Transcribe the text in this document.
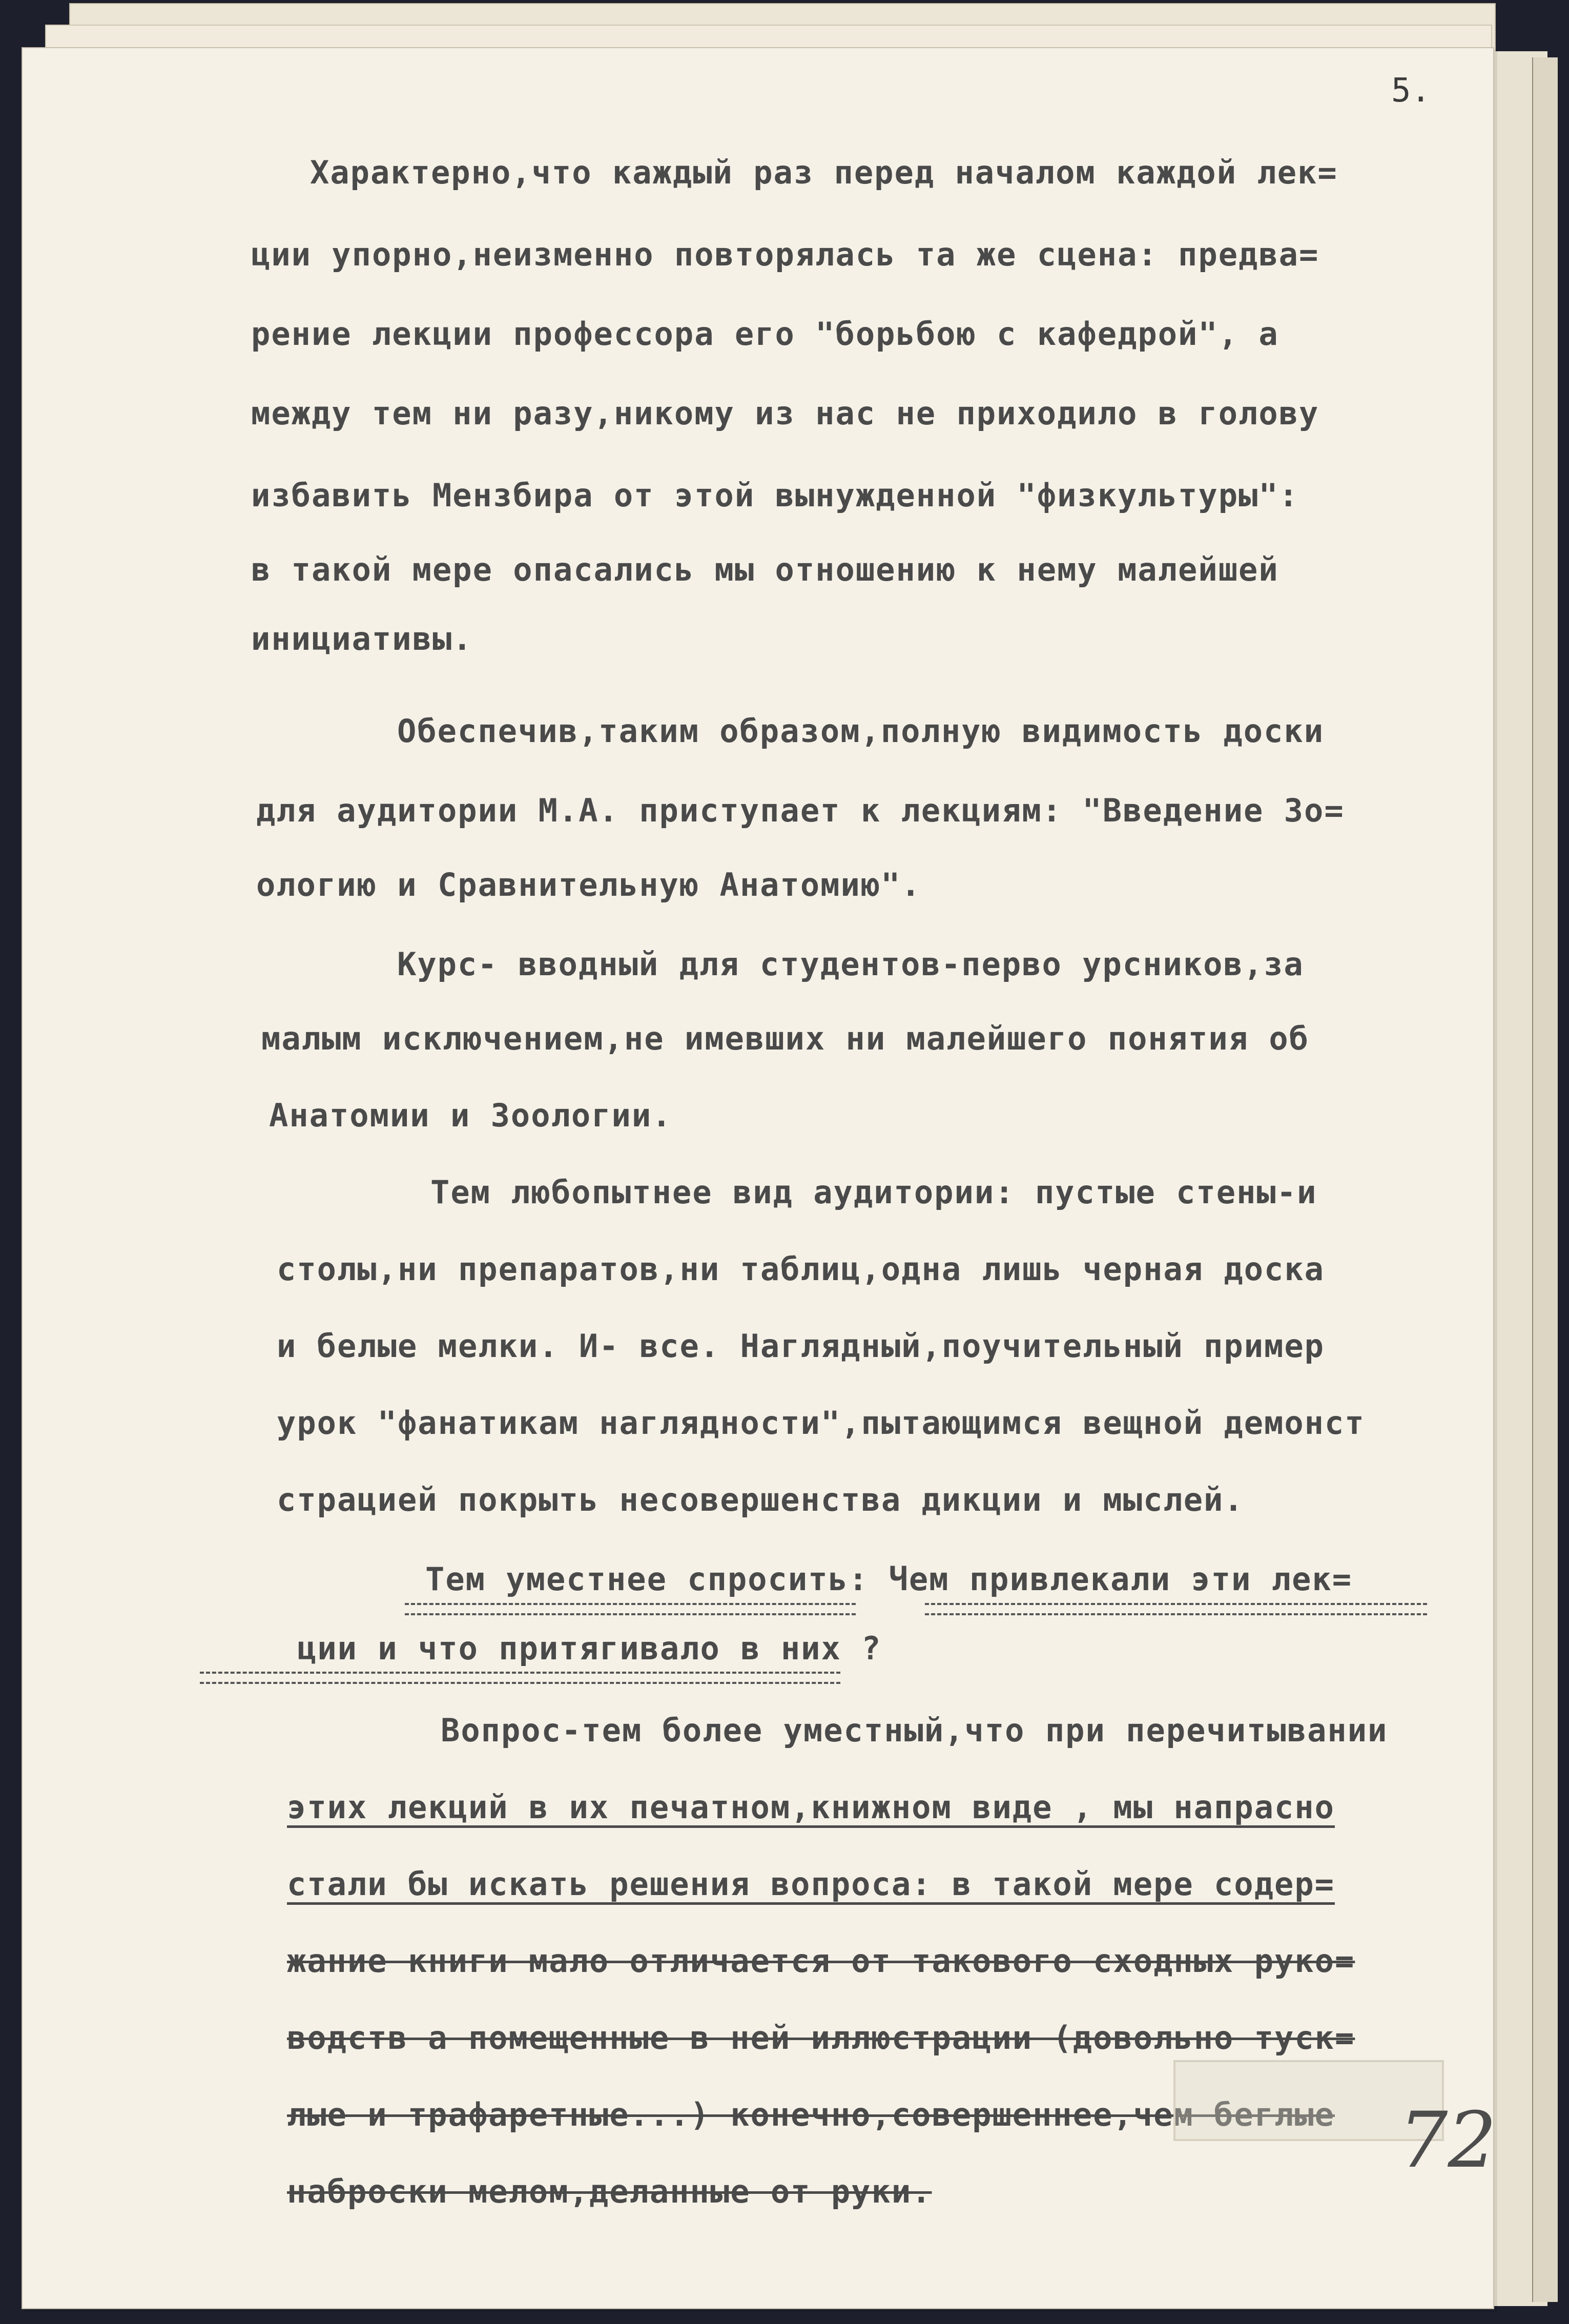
5.
Характерно,что каждый раз перед началом каждой лек=
ции упорно,неизменно повторялась та же сцена: предва=
рение лекции профессора его "борьбою с кафедрой", а
между тем ни разу,никому из нас не приходило в голову
избавить Мензбира от этой вынужденной "физкультуры":
в такой мере опасались мы отношению к нему малейшей
инициативы.
Обеспечив,таким образом,полную видимость доски
для аудитории М.А. приступает к лекциям: "Введение Зо=
ологию и Сравнительную Анатомию".
Курс- вводный для студентов-перво урсников,за
малым исключением,не имевших ни малейшего понятия об
Анатомии и Зоологии.
Тем любопытнее вид аудитории: пустые стены-и
столы,ни препаратов,ни таблиц,одна лишь черная доска
и белые мелки. И- все. Наглядный,поучительный пример
урок "фанатикам наглядности",пытающимся вещной демонст
страцией покрыть несовершенства дикции и мыслей.
Тем уместнее спросить: Чем привлекали эти лек=
ции и что притягивало в них ?
Вопрос-тем более уместный,что при перечитывании
этих лекций в их печатном,книжном виде , мы напрасно
стали бы искать решения вопроса: в такой мере содер=
жание книги мало отличается от такового сходных руко=
водств а помещенные в ней иллюстрации (довольно туск=
лые и трафаретные...) конечно,совершеннее,чем беглые
наброски мелом,деланные от руки.
72
